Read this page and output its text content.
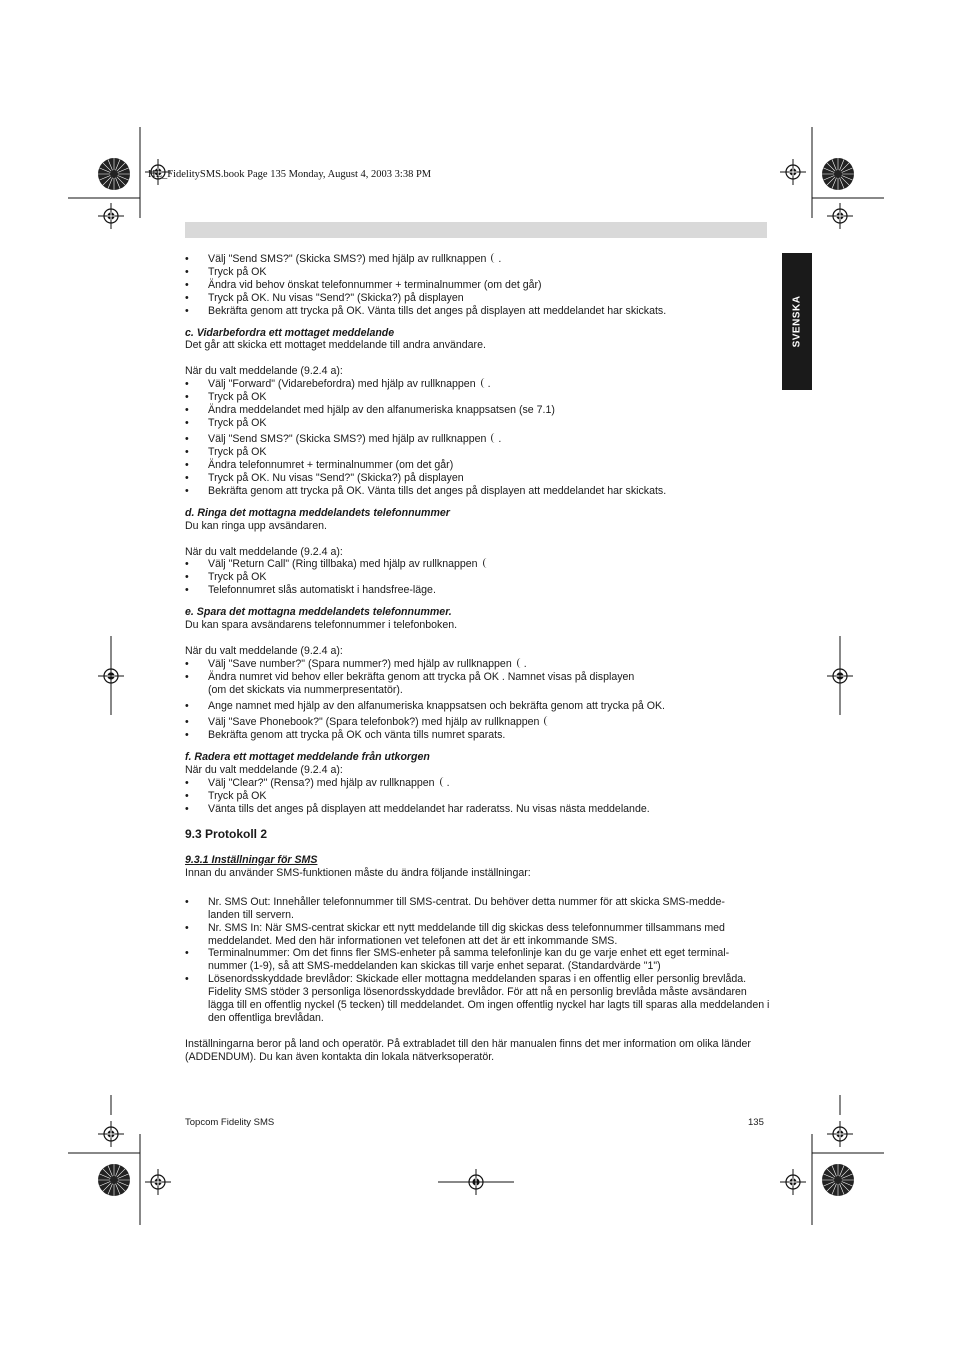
HL_FidelitySMS.book Page 135 Monday, August 4, 2003 3:38 PM
SVENSKA
• Välj "Send SMS?" (Skicka SMS?) med hjälp av rullknappen .
• Tryck på OK
• Ändra vid behov önskat telefonnummer + terminalnummer (om det går)
• Tryck på OK. Nu visas "Send?" (Skicka?) på displayen
• Bekräfta genom att trycka på OK. Vänta tills det anges på displayen att meddelandet har skickats.

c. Vidarbefordra ett mottaget meddelande

Det går att skicka ett mottaget meddelande till andra användare.

När du valt meddelande (9.2.4 a):

• Välj "Forward" (Vidarebefordra) med hjälp av rullknappen .
• Tryck på OK
• Ändra meddelandet med hjälp av den alfanumeriska knappsatsen (se 7.1)
• Tryck på OK
• Välj "Send SMS?" (Skicka SMS?) med hjälp av rullknappen .
• Tryck på OK
• Ändra telefonnumret + terminalnummer (om det går)
• Tryck på OK. Nu visas "Send?" (Skicka?) på displayen
• Bekräfta genom att trycka på OK. Vänta tills det anges på displayen att meddelandet har skickats.

d. Ringa det mottagna meddelandets telefonnummer

Du kan ringa upp avsändaren.

När du valt meddelande (9.2.4 a):

• Välj "Return Call" (Ring tillbaka) med hjälp av rullknappen
• Tryck på OK
• Telefonnumret slås automatiskt i handsfree-läge.

e. Spara det mottagna meddelandets telefonnummer.

Du kan spara avsändarens telefonnummer i telefonboken.

När du valt meddelande (9.2.4 a):

• Välj "Save number?" (Spara nummer?) med hjälp av rullknappen .
• Ändra numret vid behov eller bekräfta genom att trycka på OK . Namnet visas på displayen
(om det skickats via nummerpresentatör).
• Ange namnet med hjälp av den alfanumeriska knappsatsen och bekräfta genom att trycka på OK.
• Välj "Save Phonebook?" (Spara telefonbok?) med hjälp av rullknappen
• Bekräfta genom att trycka på OK och vänta tills numret sparats.

f. Radera ett mottaget meddelande från utkorgen

När du valt meddelande (9.2.4 a):

• Välj "Clear?" (Rensa?) med hjälp av rullknappen .
• Tryck på OK
• Vänta tills det anges på displayen att meddelandet har raderatss. Nu visas nästa meddelande.

9.3 Protokoll 2

9.3.1 Inställningar för SMS

Innan du använder SMS-funktionen måste du ändra följande inställningar:

• Nr. SMS Out: Innehåller telefonnummer till SMS-centrat. Du behöver detta nummer för att skicka SMS-medde- landen till servern.
• Nr. SMS In: När SMS-centrat skickar ett nytt meddelande till dig skickas dess telefonnummer tillsammans med meddelandet. Med den här informationen vet telefonen att det är ett inkommande SMS.
• Terminalnummer: Om det finns fler SMS-enheter på samma telefonlinje kan du ge varje enhet ett eget terminal- nummer (1-9), så att SMS-meddelanden kan skickas till varje enhet separat. (Standardvärde "1")
• Lösenordsskyddade brevlådor: Skickade eller mottagna meddelanden sparas i en offentlig eller personlig brevlåda. Fidelity SMS stöder 3 personliga lösenordsskyddade brevlådor. För att nå en personlig brevlåda måste avsändaren lägga till en offentlig nyckel (5 tecken) till meddelandet. Om ingen offentlig nyckel har lagts till sparas alla meddelanden i den offentliga brevlådan.

Inställningarna beror på land och operatör. På extrabladet till den här manualen finns det mer information om olika länder (ADDENDUM). Du kan även kontakta din lokala nätverksoperatör.

Topcom Fidelity SMS	135
